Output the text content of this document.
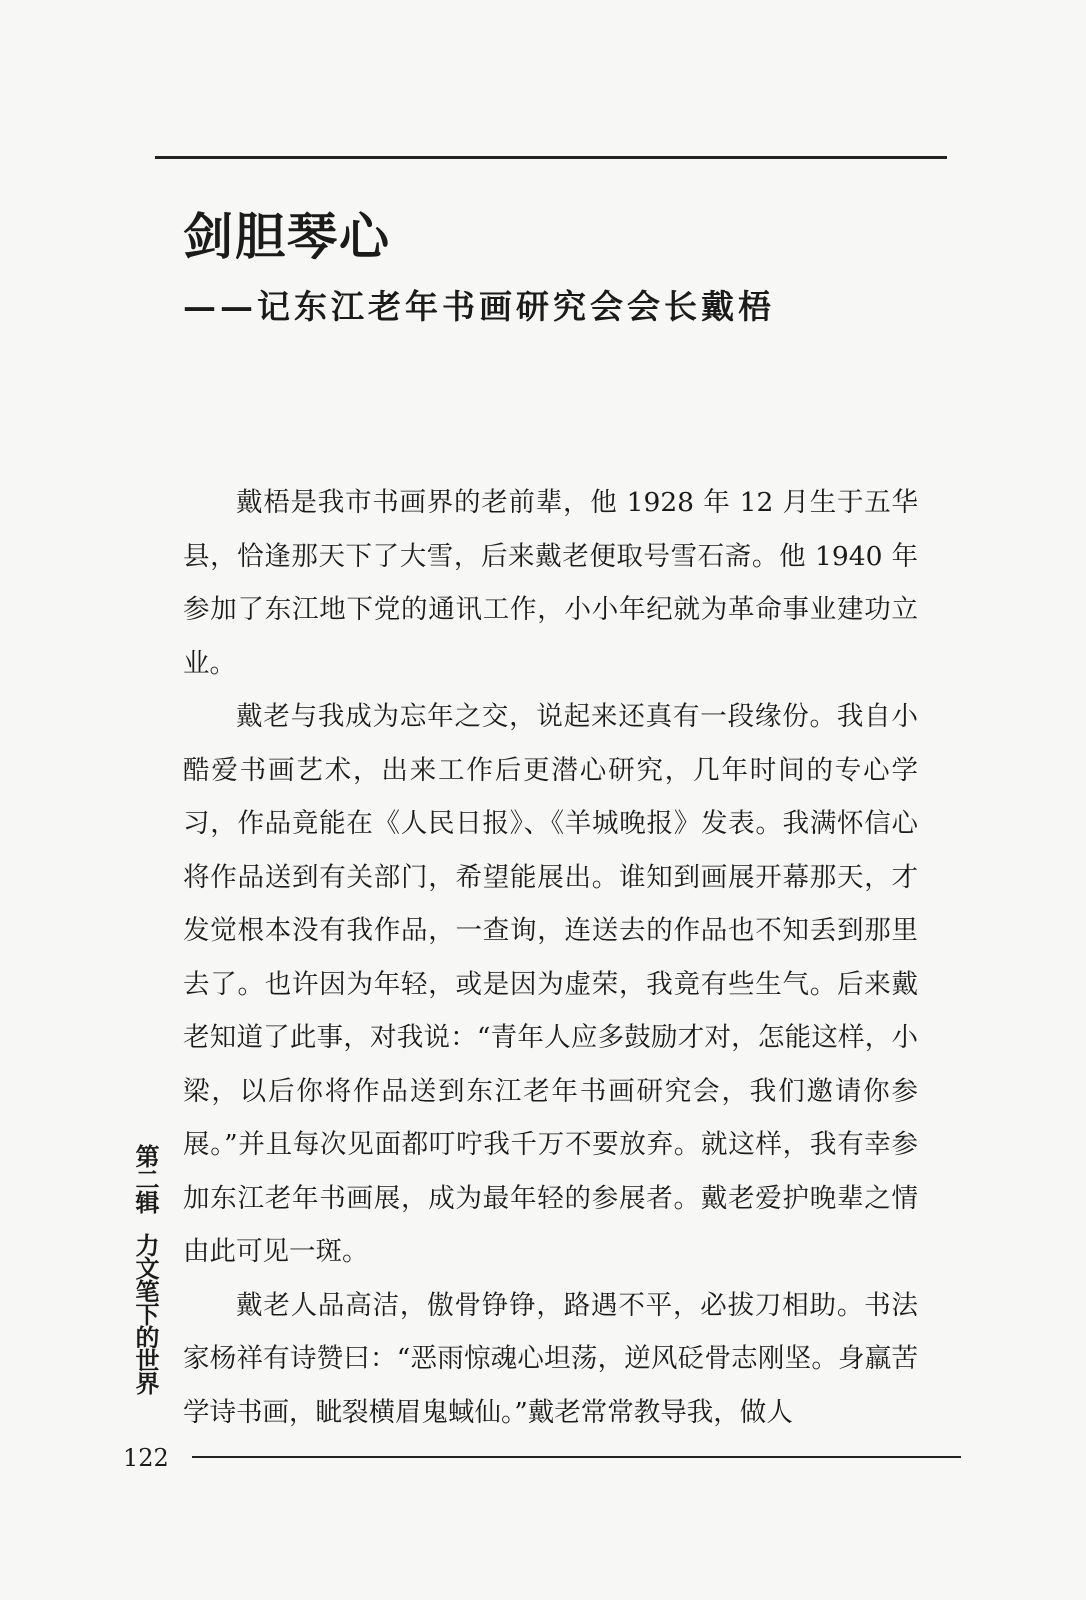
剑胆琴心
——记东江老年书画研究会会长戴梧

戴梧是我市书画界的老前辈，他 1928 年 12 月生于五华县，恰逢那天下了大雪，后来戴老便取号雪石斋。他 1940 年参加了东江地下党的通讯工作，小小年纪就为革命事业建功立业。

戴老与我成为忘年之交，说起来还真有一段缘份。我自小酷爱书画艺术，出来工作后更潜心研究，几年时间的专心学习，作品竟能在《人民日报》、《羊城晚报》发表。我满怀信心将作品送到有关部门，希望能展出。谁知到画展开幕那天，才发觉根本没有我作品，一查询，连送去的作品也不知丢到那里去了。也许因为年轻，或是因为虚荣，我竟有些生气。后来戴老知道了此事，对我说：“青年人应多鼓励才对，怎能这样，小梁，以后你将作品送到东江老年书画研究会，我们邀请你参展。”并且每次见面都叮咛我千万不要放弃。就这样，我有幸参加东江老年书画展，成为最年轻的参展者。戴老爱护晚辈之情由此可见一斑。

戴老人品高洁，傲骨铮铮，路遇不平，必拔刀相助。书法家杨祥有诗赞曰：“恶雨惊魂心坦荡，逆风砭骨志刚坚。身羸苦学诗书画，眦裂横眉鬼蜮仙。”戴老常常教导我，做人

第二辑力文笔下的世界
122
